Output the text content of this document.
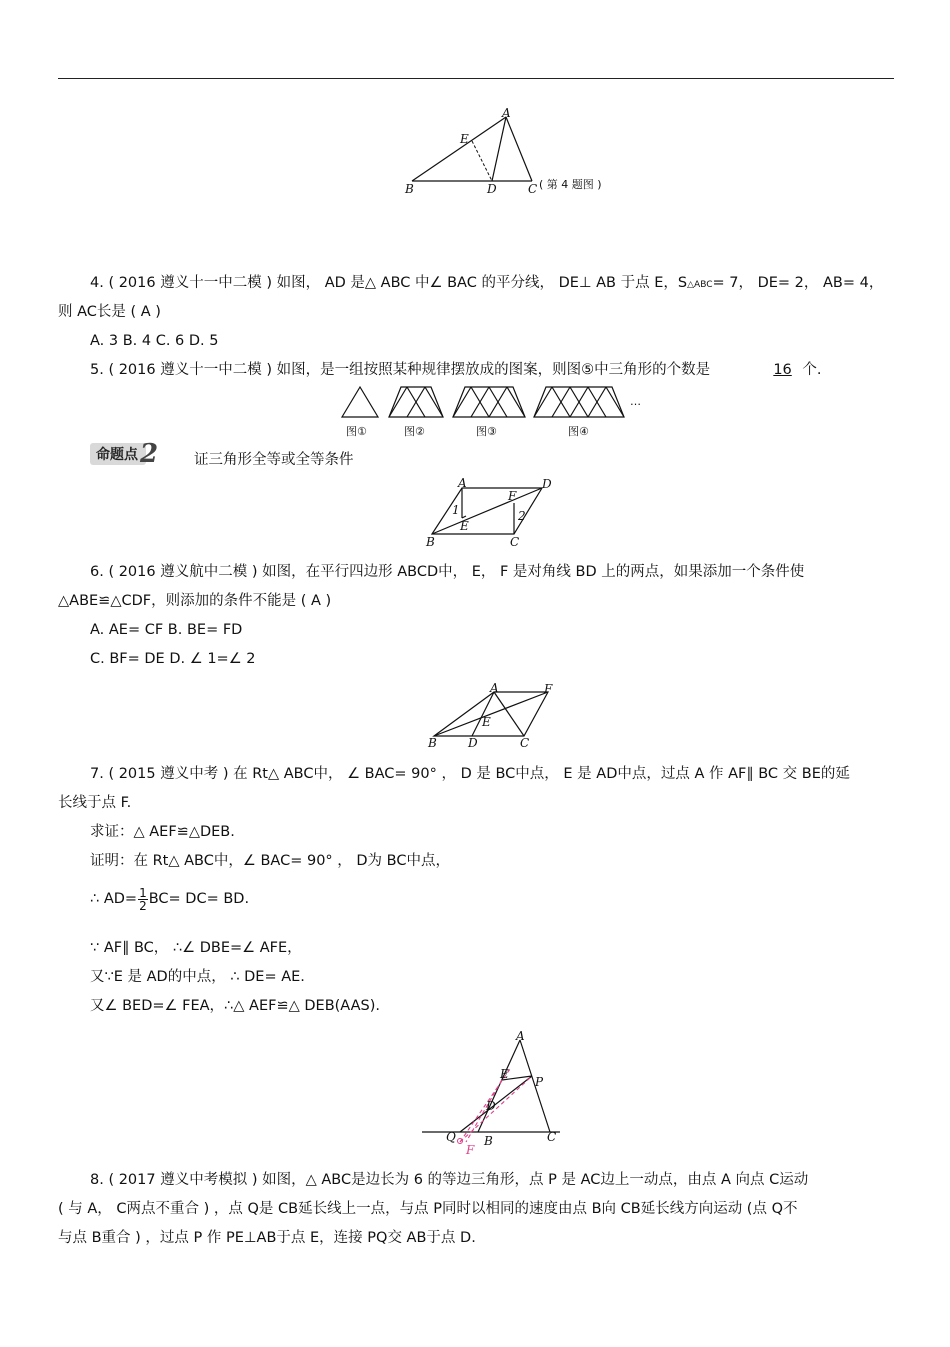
A
B	C
D
E
( 第 4 题图 )
4. ( 2016 遵义十一中二模 ) 如图， AD 是△ ABC 中∠ BAC 的平分线， DE⊥ AB 于点 E，S△ABC= 7， DE= 2， AB= 4，
则 AC长是 ( A )
A. 3 B. 4 C. 6 D. 5
5. ( 2016 遵义十一中二模 ) 如图，是一组按照某种规律摆放成的图案，则图⑤中三角形的个数是	16 个.
…
图①	图②	图③	图④
命题点 2 证三角形全等或全等条件
A
B	C
D
E
F
1	2
6. ( 2016 遵义航中二模 ) 如图，在平行四边形 ABCD中， E， F 是对角线 BD 上的两点，如果添加一个条件使
△ABE≌△CDF，则添加的条件不能是 ( A )
A. AE= CF B. BE= FD
C. BF= DE D. ∠ 1=∠ 2
A
B	C
D
E
F
7. ( 2015 遵义中考 ) 在 Rt△ ABC中， ∠ BAC= 90° ， D 是 BC中点， E 是 AD中点，过点 A 作 AF∥ BC 交 BE的延
长线于点 F.
求证：△ AEF≌△DEB.
证明：在 Rt△ ABC中，∠ BAC= 90° ， D为 BC中点，
∴ $AD= \frac{1}{2} BC= DC=$ BD.
∵ AF∥ BC， ∴∠ DBE=∠ AFE，
又∵E 是 AD的中点， ∴ DE= AE.
又∠ BED=∠ FEA，∴△ AEF≌△ DEB(AAS).
A
B	C
D
E
F
P
Q
8. ( 2017 遵义中考模拟 ) 如图，△ ABC是边长为 6 的等边三角形，点 P 是 AC边上一动点，由点 A 向点 C运动
( 与 A， C两点不重合 ) ，点 Q是 CB延长线上一点，与点 P同时以相同的速度由点 B向 CB延长线方向运动 (点 Q不
与点 B重合 ) ，过点 P 作 PE⊥AB于点 E，连接 PQ交 AB于点 D.
